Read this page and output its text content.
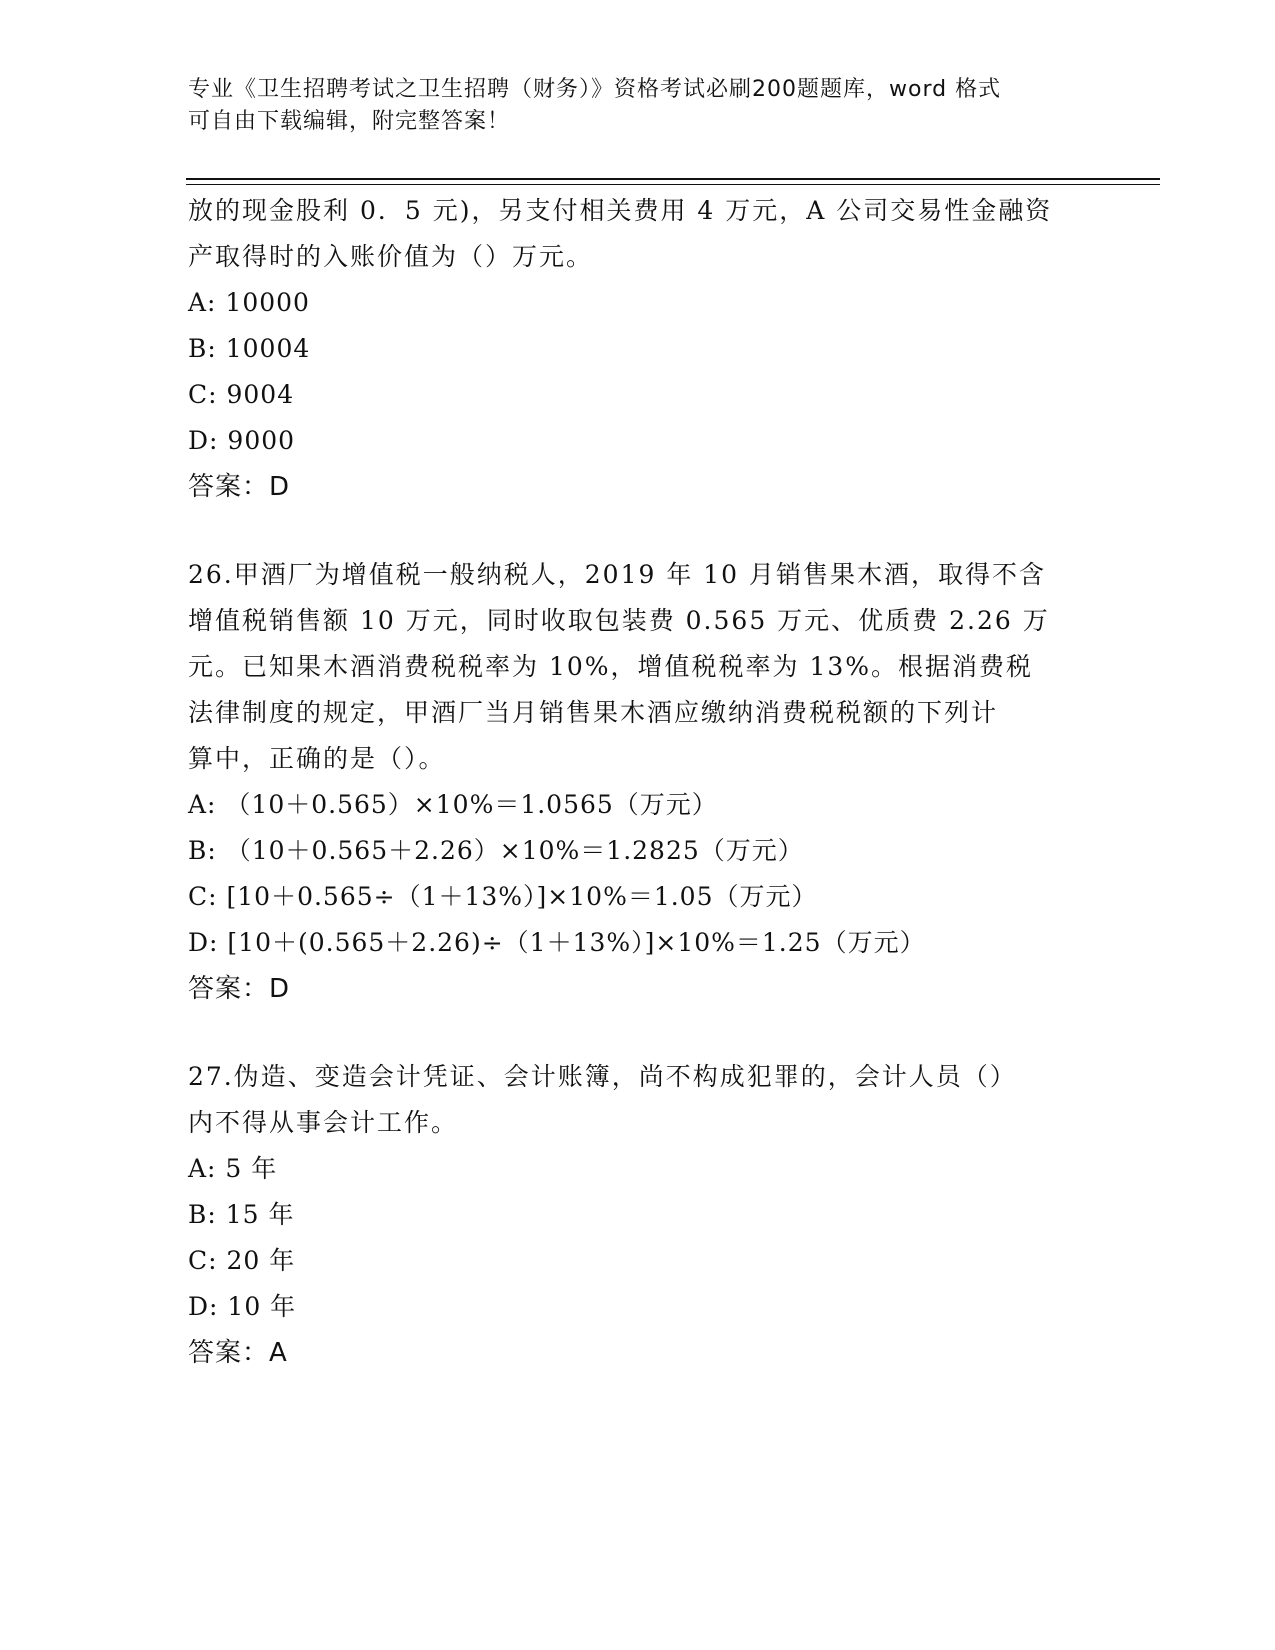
专业《卫生招聘考试之卫生招聘（财务）》资格考试必刷200题题库，word 格式
可自由下载编辑，附完整答案！
放的现金股利 0．5 元)，另支付相关费用 4 万元，A 公司交易性金融资
产取得时的入账价值为（）万元。
A: 10000
B: 10004
C: 9004
D: 9000
答案：D
26.甲酒厂为增值税一般纳税人，2019 年 10 月销售果木酒，取得不含
增值税销售额 10 万元，同时收取包装费 0.565 万元、优质费 2.26 万
元。已知果木酒消费税税率为 10%，增值税税率为 13%。根据消费税
法律制度的规定，甲酒厂当月销售果木酒应缴纳消费税税额的下列计
算中，正确的是（）。
A: （10＋0.565）×10%＝1.0565（万元）
B: （10＋0.565＋2.26）×10%＝1.2825（万元）
C: [10＋0.565÷（1＋13%）]×10%＝1.05（万元）
D: [10＋(0.565＋2.26)÷（1＋13%）]×10%＝1.25（万元）
答案：D
27.伪造、变造会计凭证、会计账簿，尚不构成犯罪的，会计人员（）
内不得从事会计工作。
A: 5 年
B: 15 年
C: 20 年
D: 10 年
答案：A
